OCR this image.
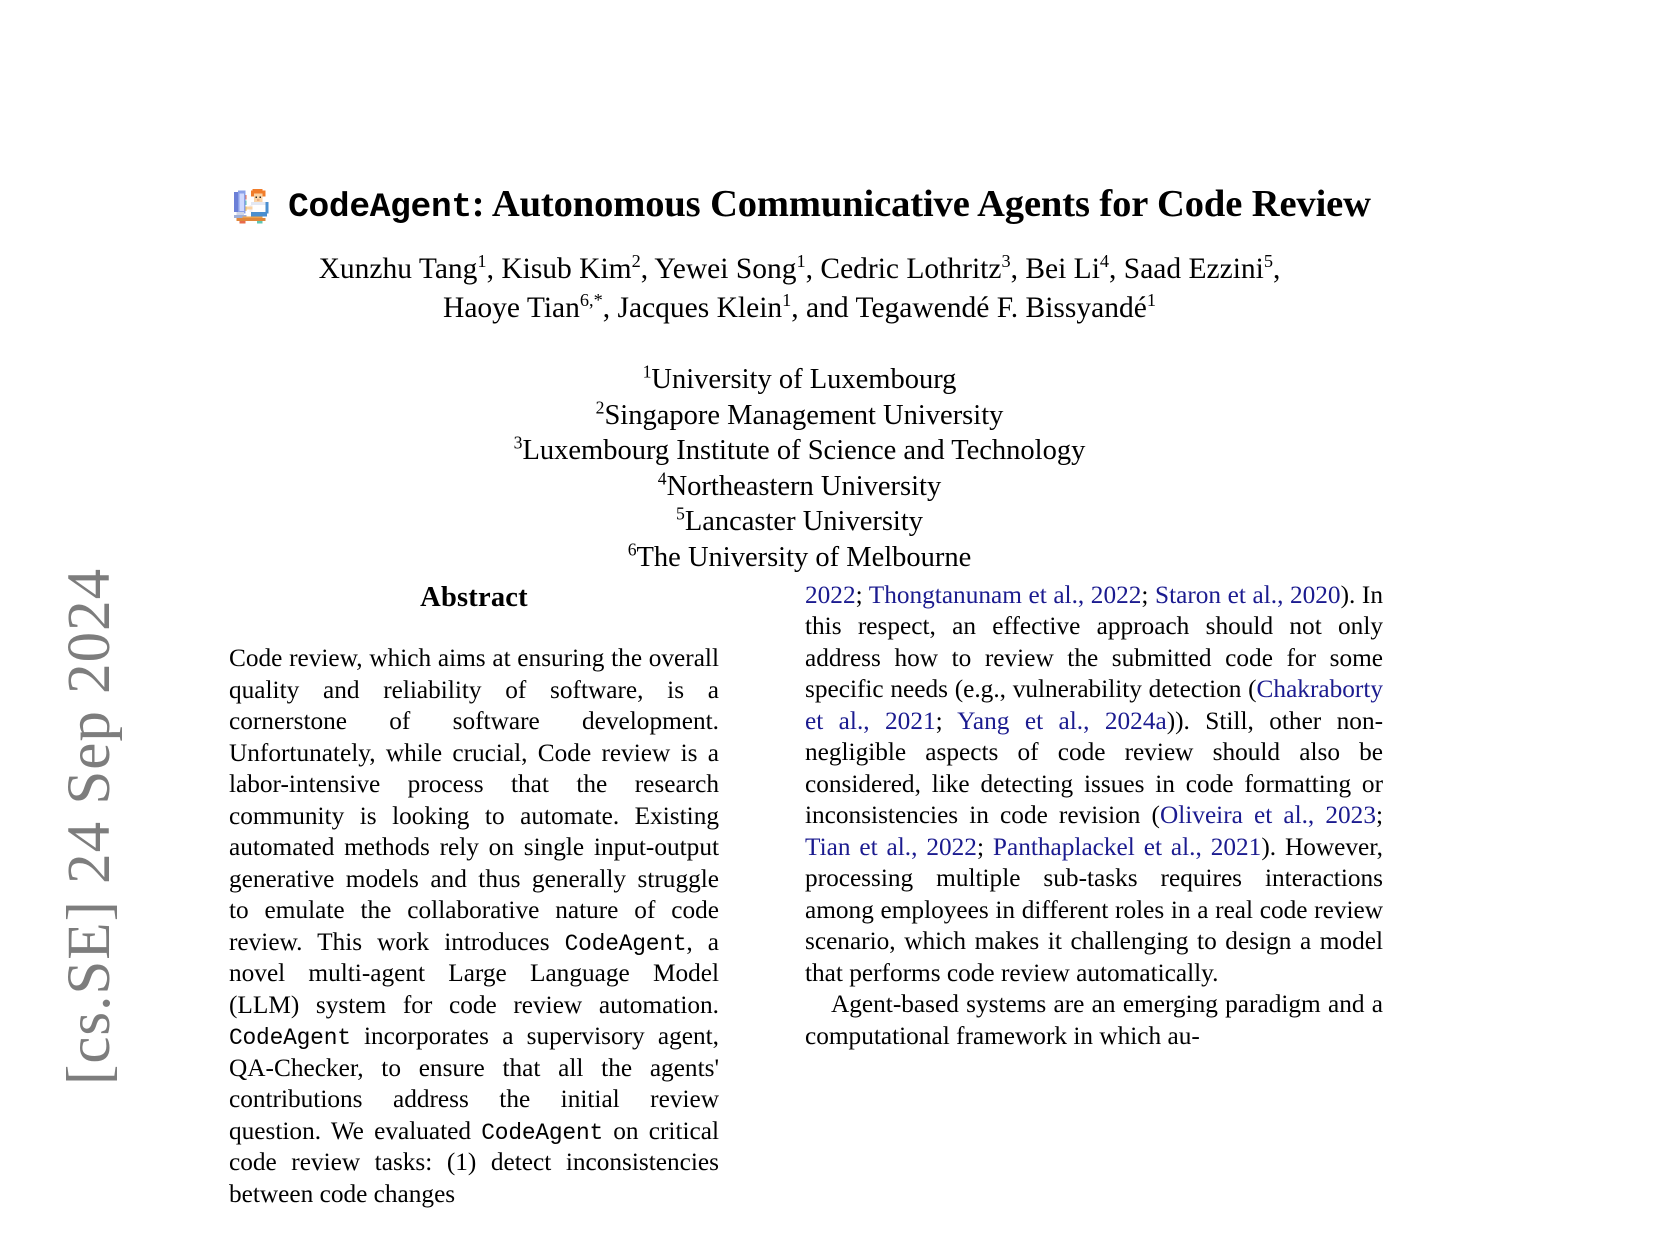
[cs.SE] 24 Sep 2024
CodeAgent: Autonomous Communicative Agents for Code Review
Xunzhu Tang$^1$, Kisub Kim$^2$, Yewei Song$^1$, Cedric Lothritz$^3$, Bei Li$^4$, Saad Ezzini$^5$,
Haoye Tian$^{6,*}$, Jacques Klein$^1$, and Tegawendé F. Bissyandé$^1$
$^1$University of Luxembourg
$^2$Singapore Management University
$^3$Luxembourg Institute of Science and Technology
$^4$Northeastern University
$^5$Lancaster University
$^6$The University of Melbourne
Abstract

Code review, which aims at ensuring the overall quality and reliability of software, is a cornerstone of software development. Unfortunately, while crucial, Code review is a labor-intensive process that the research community is looking to automate. Existing automated methods rely on single input-output generative models and thus generally struggle to emulate the collaborative nature of code review. This work introduces CodeAgent, a novel multi-agent Large Language Model (LLM) system for code review automation. CodeAgent incorporates a supervisory agent, QA-Checker, to ensure that all the agents' contributions address the initial review question. We evaluated CodeAgent on critical code review tasks: (1) detect inconsistencies between code changes

2022; Thongtanunam et al., 2022; Staron et al., 2020). In this respect, an effective approach should not only address how to review the submitted code for some specific needs (e.g., vulnerability detection (Chakraborty et al., 2021; Yang et al., 2024a)). Still, other non-negligible aspects of code review should also be considered, like detecting issues in code formatting or inconsistencies in code revision (Oliveira et al., 2023; Tian et al., 2022; Panthaplackel et al., 2021). However, processing multiple sub-tasks requires interactions among employees in different roles in a real code review scenario, which makes it challenging to design a model that performs code review automatically.

Agent-based systems are an emerging paradigm and a computational framework in which au-
